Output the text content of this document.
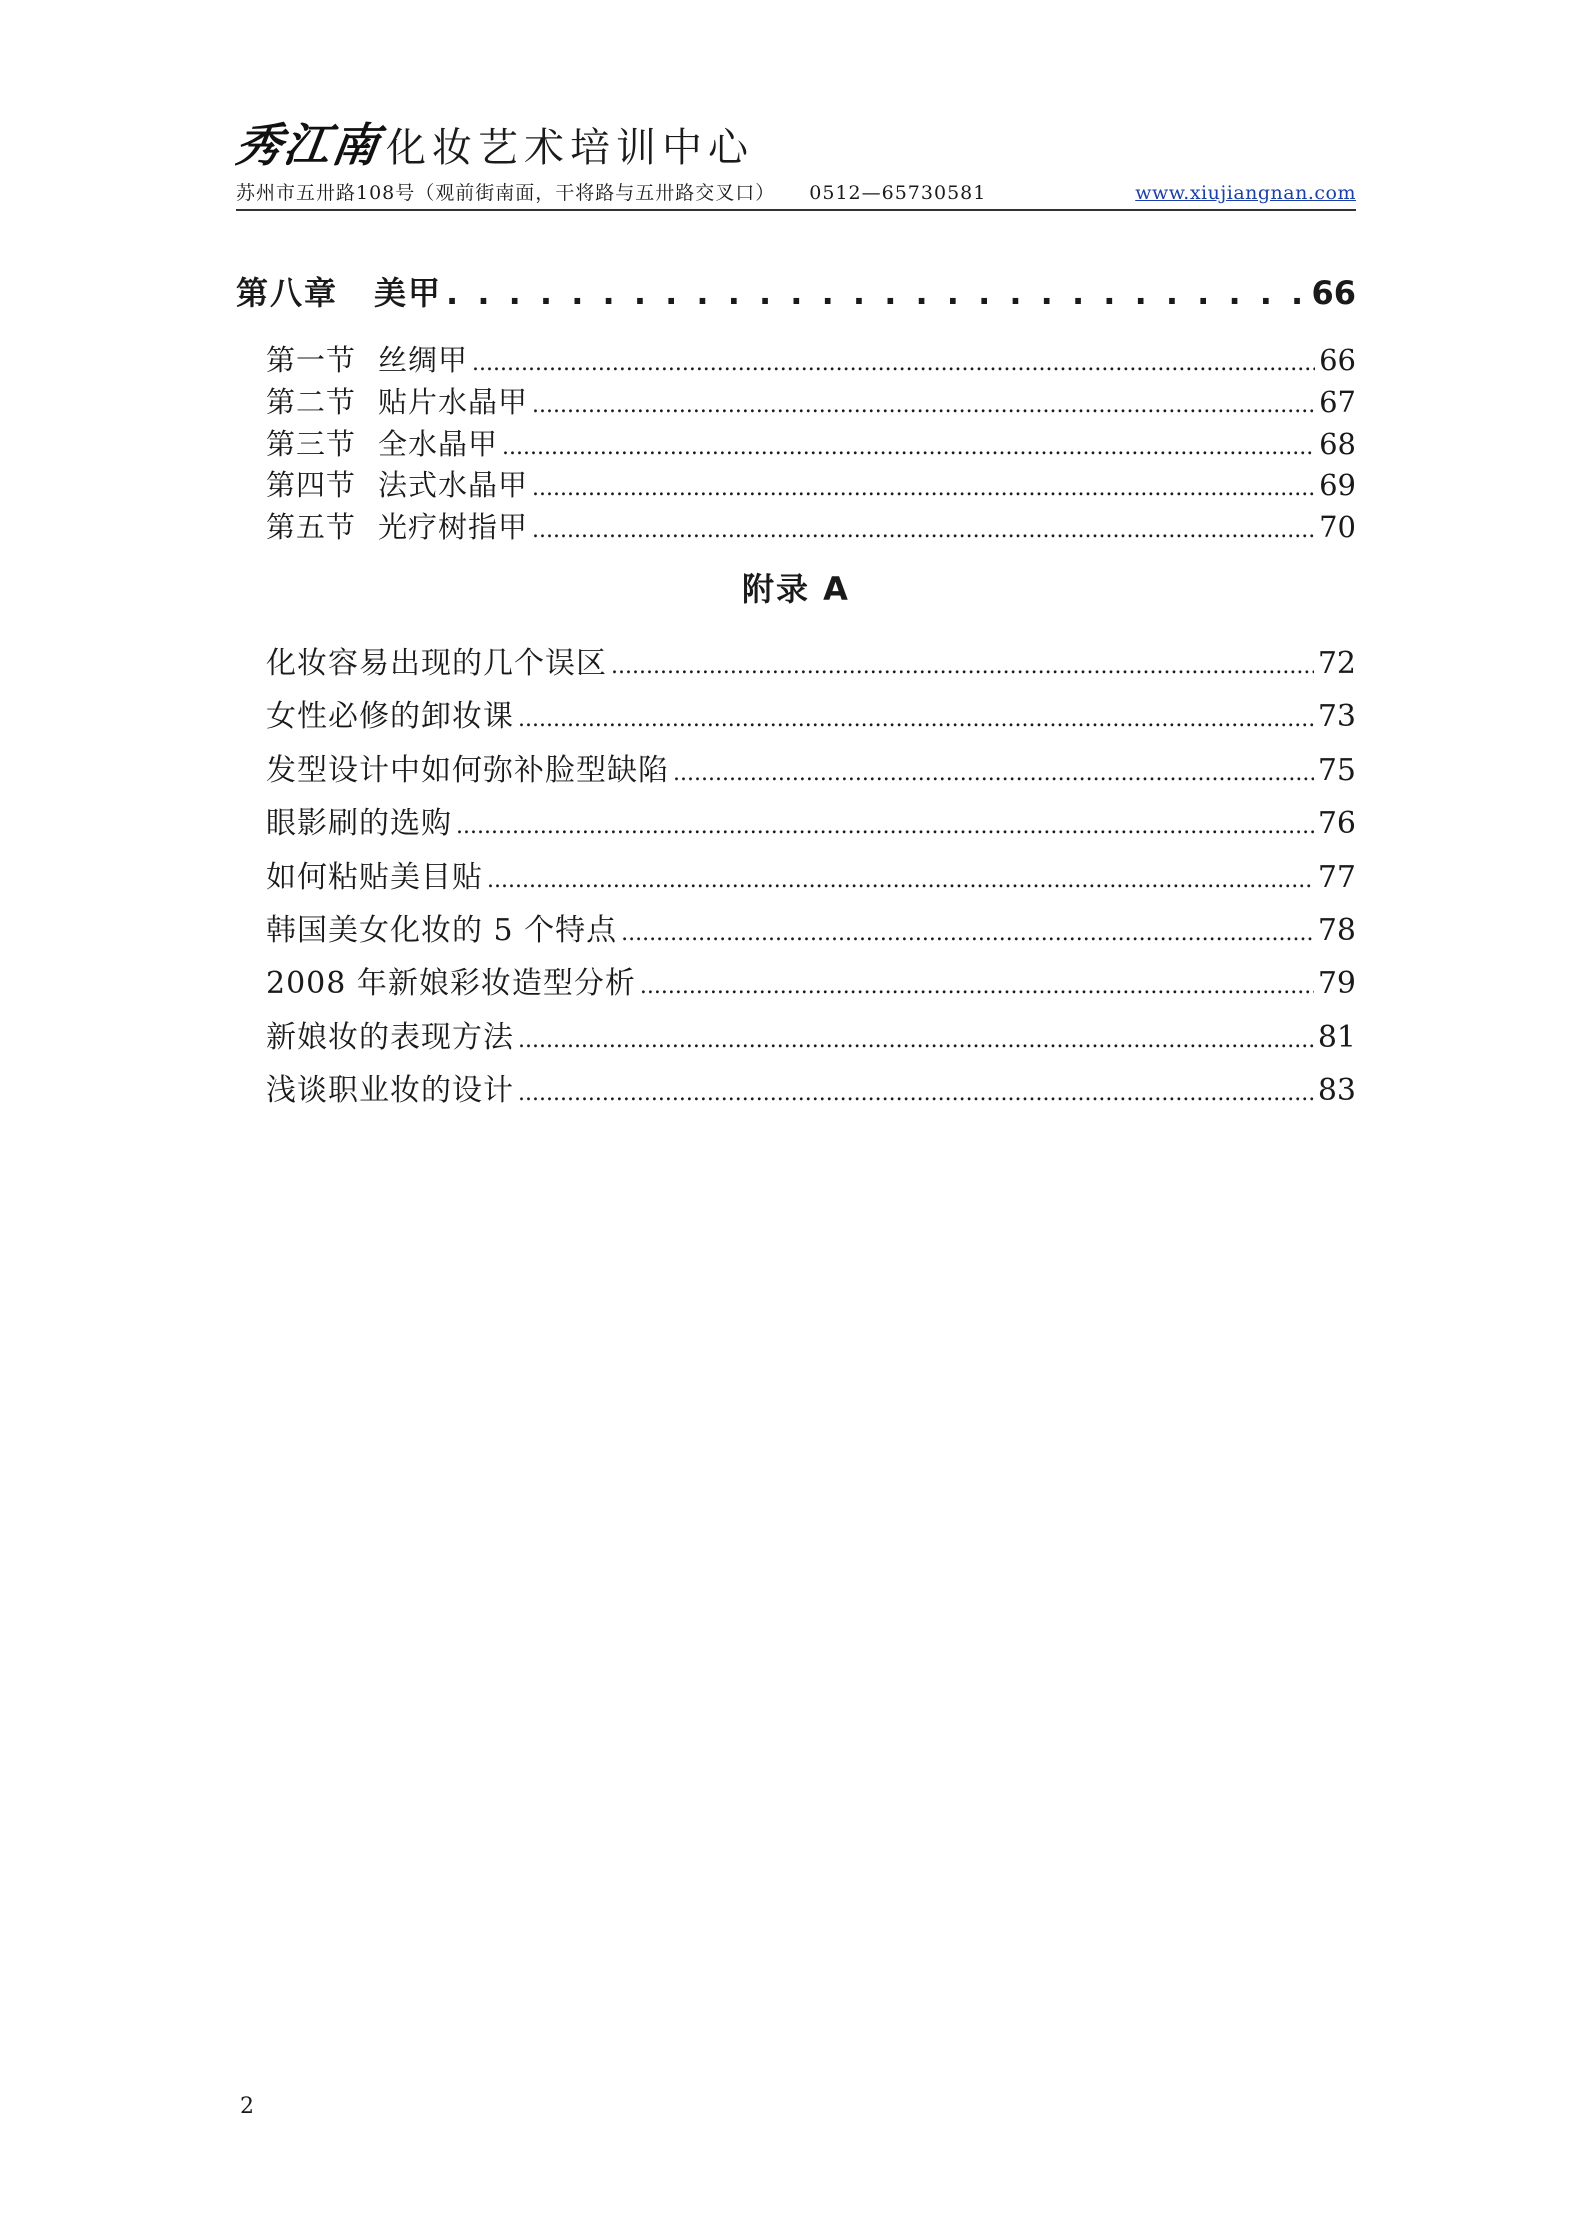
秀江南 化妆艺术培训中心
苏州市五卅路108号（观前街南面，干将路与五卅路交叉口） 0512—65730581	www.xiujiangnan.com
第八章 美甲 . . .	66
第一节 丝绸甲 .....	66
第二节 贴片水晶甲 .....	67
第三节 全水晶甲 .....	68
第四节 法式水晶甲 .....	69
第五节 光疗树指甲 .....	70
附录 A
化妆容易出现的几个误区 .....	72
女性必修的卸妆课 .....	73
发型设计中如何弥补脸型缺陷 .....	75
眼影刷的选购 .....	76
如何粘贴美目贴 .....	77
韩国美女化妆的 5 个特点 .....	78
2008 年新娘彩妆造型分析 .....	79
新娘妆的表现方法 .....	81
浅谈职业妆的设计 .....	83
2
